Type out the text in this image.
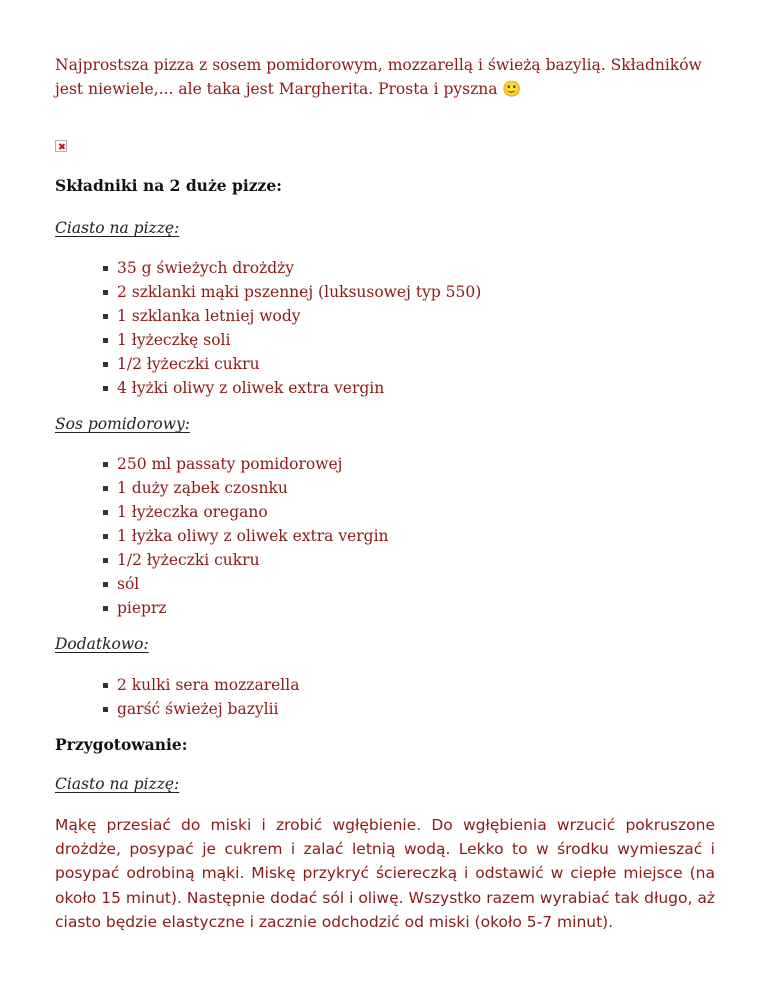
Najprostsza pizza z sosem pomidorowym, mozzarellą i świeżą bazylią. Składników jest niewiele,... ale taka jest Margherita. Prosta i pyszna 🙂
Składniki na 2 duże pizze:
Ciasto na pizzę:
35 g świeżych drożdży
2 szklanki mąki pszennej (luksusowej typ 550)
1 szklanka letniej wody
1 łyżeczkę soli
1/2 łyżeczki cukru
4 łyżki oliwy z oliwek extra vergin
Sos pomidorowy:
250 ml passaty pomidorowej
1 duży ząbek czosnku
1 łyżeczka oregano
1 łyżka oliwy z oliwek extra vergin
1/2 łyżeczki cukru
sól
pieprz
Dodatkowo:
2 kulki sera mozzarella
garść świeżej bazylii
Przygotowanie:
Ciasto na pizzę:
Mąkę przesiać do miski i zrobić wgłębienie. Do wgłębienia wrzucić pokruszone drożdże, posypać je cukrem i zalać letnią wodą. Lekko to w środku wymieszać i posypać odrobiną mąki. Miskę przykryć ściereczką i odstawić w ciepłe miejsce (na około 15 minut). Następnie dodać sól i oliwę. Wszystko razem wyrabiać tak długo, aż ciasto będzie elastyczne i zacznie odchodzić od miski (około 5-7 minut).
